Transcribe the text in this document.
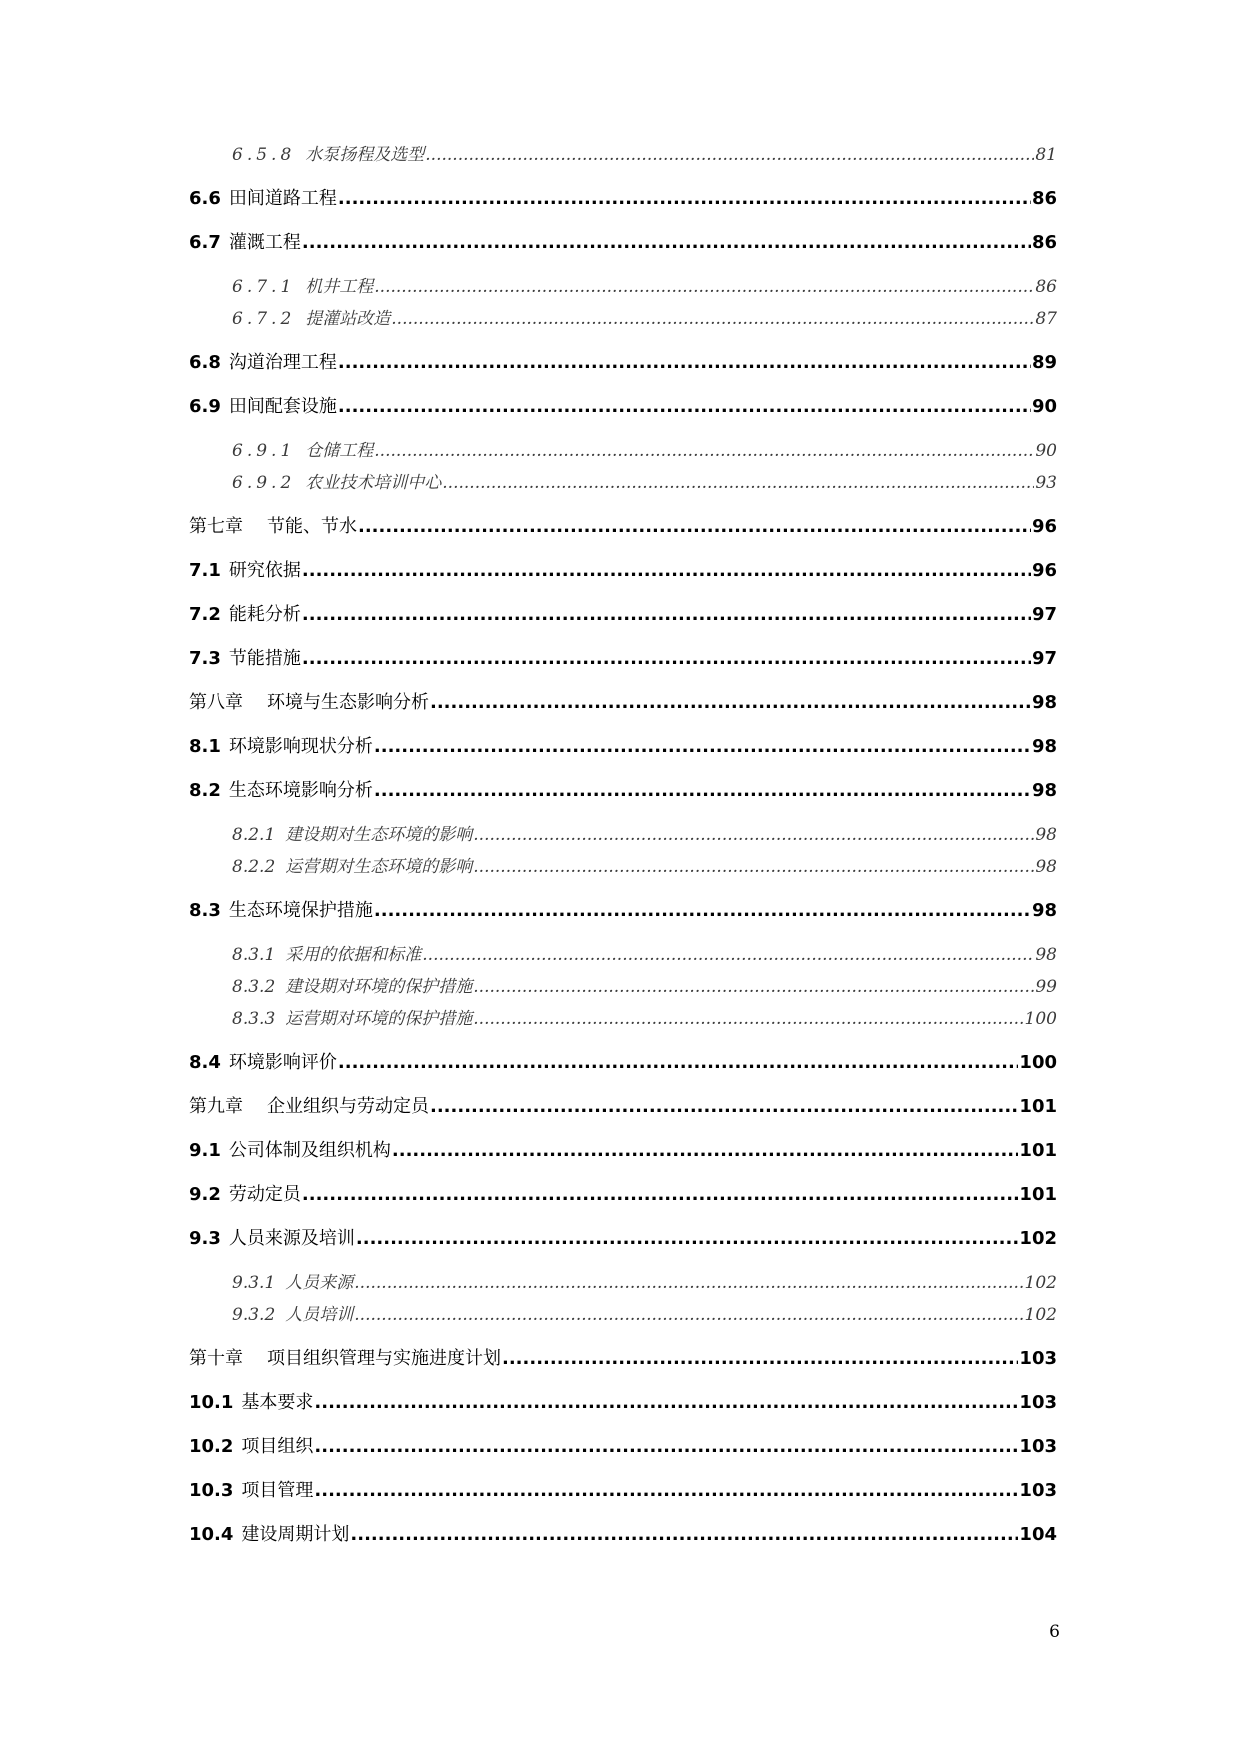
6.5.8 水泵扬程及选型 .....	81
6.6 田间道路工程 .....	86
6.7 灌溉工程 .....	86
6.7.1 机井工程 .....	86
6.7.2 提灌站改造 .....	87
6.8 沟道治理工程 .....	89
6.9 田间配套设施 .....	90
6.9.1 仓储工程 .....	90
6.9.2 农业技术培训中心 .....	93
第七章 节能、节水 .....	96
7.1 研究依据 .....	96
7.2 能耗分析 .....	97
7.3 节能措施 .....	97
第八章 环境与生态影响分析 .....	98
8.1 环境影响现状分析 .....	98
8.2 生态环境影响分析 .....	98
8.2.1 建设期对生态环境的影响 .....	98
8.2.2 运营期对生态环境的影响 .....	98
8.3 生态环境保护措施 .....	98
8.3.1 采用的依据和标准 .....	98
8.3.2 建设期对环境的保护措施 .....	99
8.3.3 运营期对环境的保护措施 .....	100
8.4 环境影响评价 .....	100
第九章 企业组织与劳动定员 .....	101
9.1 公司体制及组织机构 .....	101
9.2 劳动定员 .....	101
9.3 人员来源及培训 .....	102
9.3.1 人员来源 .....	102
9.3.2 人员培训 .....	102
第十章 项目组织管理与实施进度计划 .....	103
10.1 基本要求 .....	103
10.2 项目组织 .....	103
10.3 项目管理 .....	103
10.4 建设周期计划 .....	104
6
